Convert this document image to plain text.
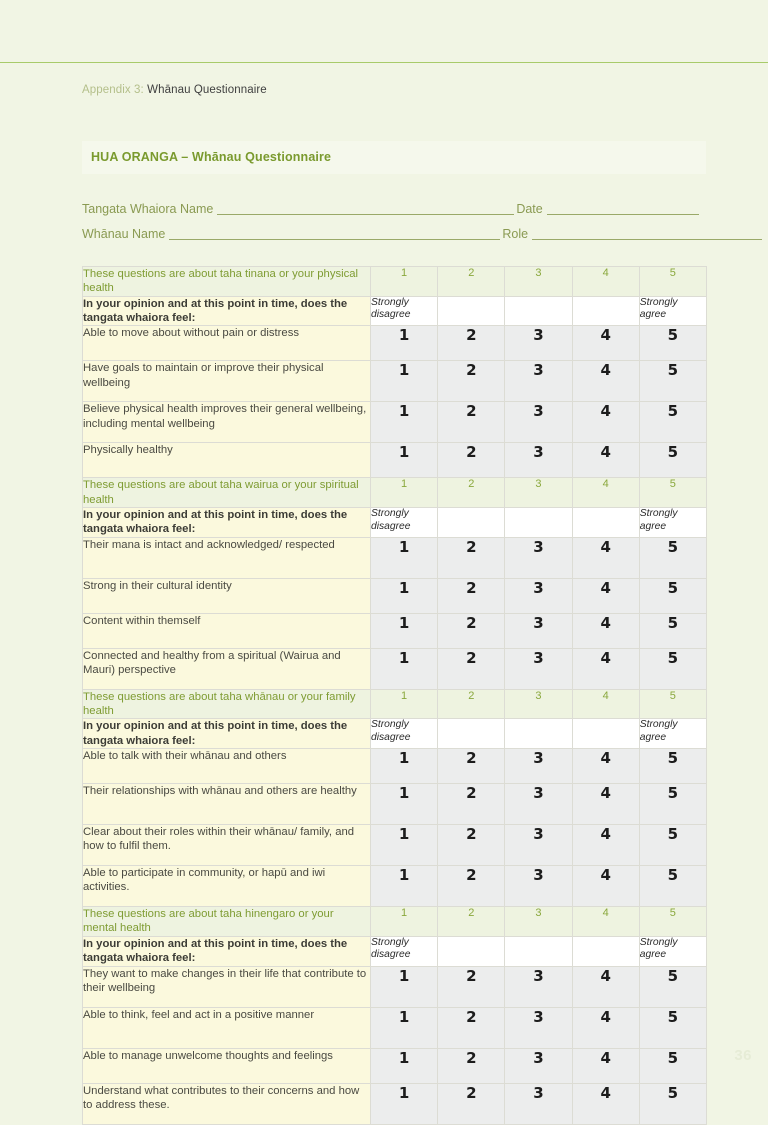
Appendix 3: Whānau Questionnaire
HUA ORANGA – Whānau Questionnaire
Tangata Whaiora Name	Date
Whānau Name	Role
These questions are about taha tinana or your physical health	1	2	3	4	5
In your opinion and at this point in time, does the tangata whaiora feel:	Strongly disagree				Strongly agree
Able to move about without pain or distress	1	2	3	4	5
Have goals to maintain or improve their physical wellbeing	1	2	3	4	5
Believe physical health improves their general wellbeing, including mental wellbeing	1	2	3	4	5
Physically healthy	1	2	3	4	5
These questions are about taha wairua or your spiritual health	1	2	3	4	5
In your opinion and at this point in time, does the tangata whaiora feel:	Strongly disagree				Strongly agree
Their mana is intact and acknowledged/ respected	1	2	3	4	5
Strong in their cultural identity	1	2	3	4	5
Content within themself	1	2	3	4	5
Connected and healthy from a spiritual (Wairua and Mauri) perspective	1	2	3	4	5
These questions are about taha whānau or your family health	1	2	3	4	5
In your opinion and at this point in time, does the tangata whaiora feel:	Strongly disagree				Strongly agree
Able to talk with their whānau and others	1	2	3	4	5
Their relationships with whānau and others are healthy	1	2	3	4	5
Clear about their roles within their whānau/ family, and how to fulfil them.	1	2	3	4	5
Able to participate in community, or hapū and iwi activities.	1	2	3	4	5
These questions are about taha hinengaro or your mental health	1	2	3	4	5
In your opinion and at this point in time, does the tangata whaiora feel:	Strongly disagree				Strongly agree
They want to make changes in their life that contribute to their wellbeing	1	2	3	4	5
Able to think, feel and act in a positive manner	1	2	3	4	5
Able to manage unwelcome thoughts and feelings	1	2	3	4	5
Understand what contributes to their concerns and how to address these.	1	2	3	4	5
36
